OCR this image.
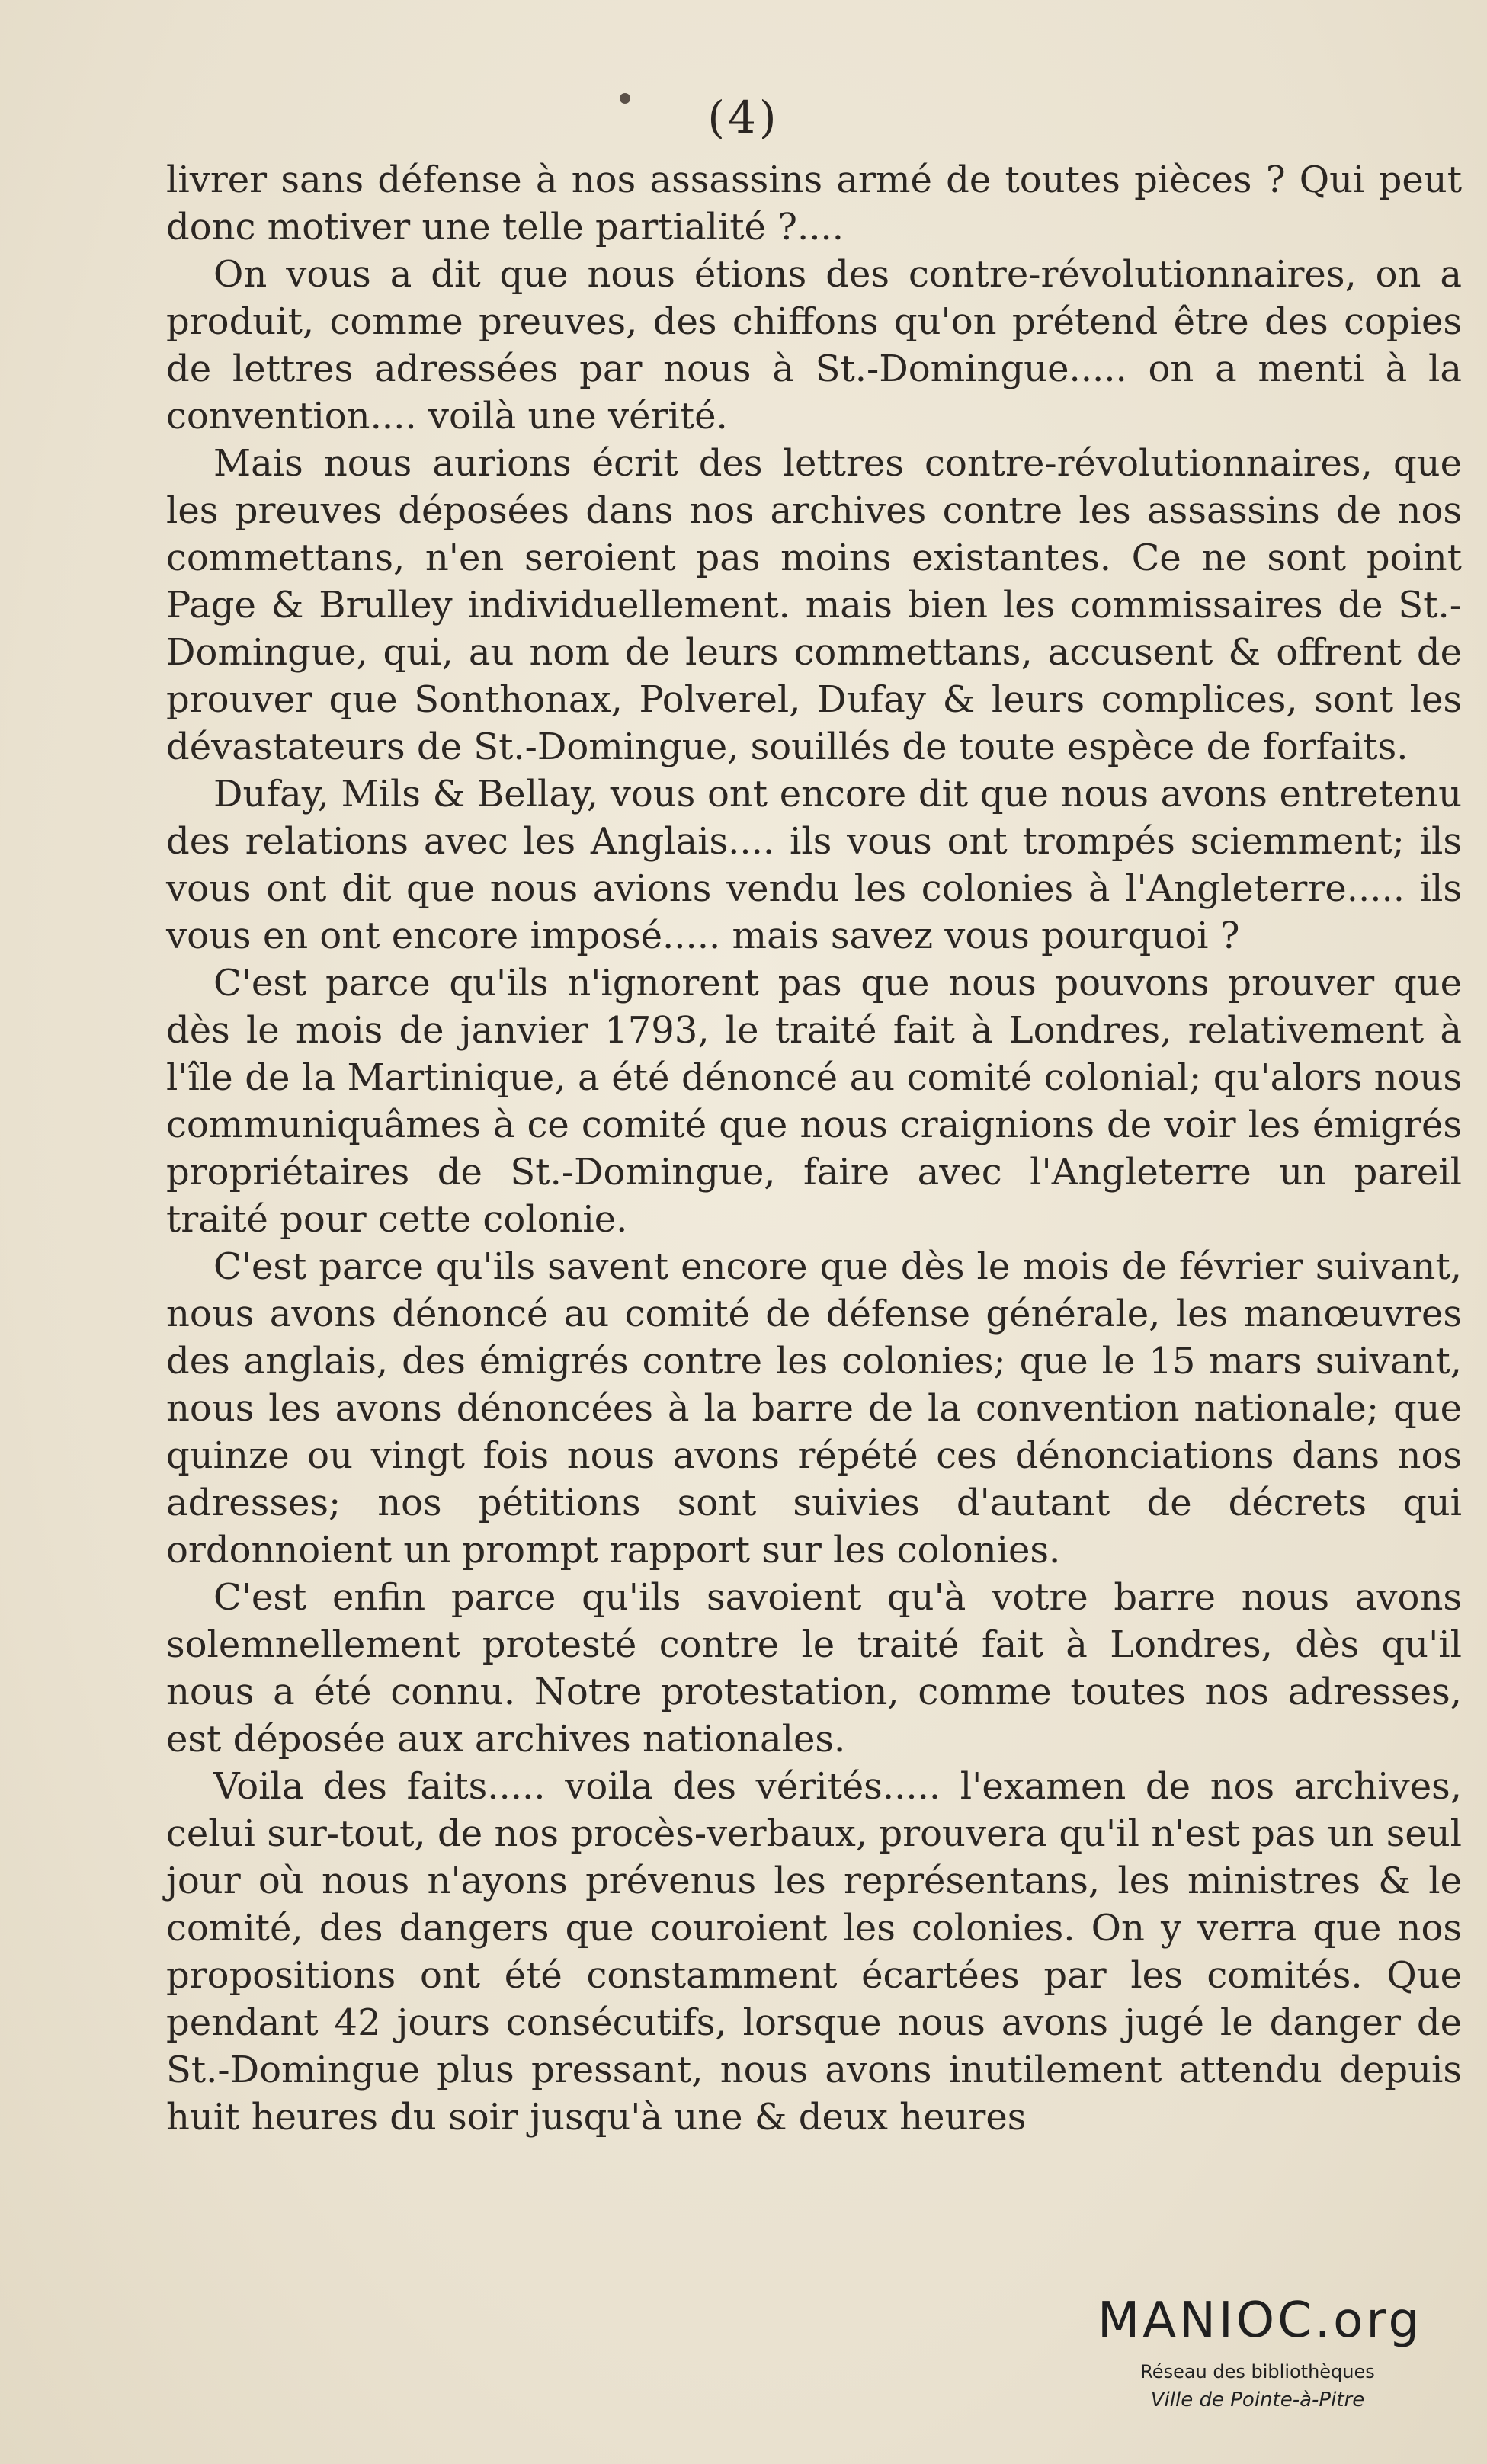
(4)

livrer sans défense à nos assassins armé de toutes pièces ? Qui peut donc motiver une telle partialité ?....

On vous a dit que nous étions des contre-révolutionnaires, on a produit, comme preuves, des chiffons qu'on prétend être des copies de lettres adressées par nous à St.-Domingue..... on a menti à la convention.... voilà une vérité.

Mais nous aurions écrit des lettres contre-révolutionnaires, que les preuves déposées dans nos archives contre les assassins de nos commettans, n'en seroient pas moins existantes. Ce ne sont point Page & Brulley individuellement. mais bien les commissaires de St.-Domingue, qui, au nom de leurs commettans, accusent & offrent de prouver que Sonthonax, Polverel, Dufay & leurs complices, sont les dévastateurs de St.-Domingue, souillés de toute espèce de forfaits.

Dufay, Mils & Bellay, vous ont encore dit que nous avons entretenu des relations avec les Anglais.... ils vous ont trompés sciemment; ils vous ont dit que nous avions vendu les colonies à l'Angleterre..... ils vous en ont encore imposé..... mais savez vous pourquoi ?

C'est parce qu'ils n'ignorent pas que nous pouvons prouver que dès le mois de janvier 1793, le traité fait à Londres, relativement à l'île de la Martinique, a été dénoncé au comité colonial; qu'alors nous communiquâmes à ce comité que nous craignions de voir les émigrés propriétaires de St.-Domingue, faire avec l'Angleterre un pareil traité pour cette colonie.

C'est parce qu'ils savent encore que dès le mois de février suivant, nous avons dénoncé au comité de défense générale, les manœuvres des anglais, des émigrés contre les colonies; que le 15 mars suivant, nous les avons dénoncées à la barre de la convention nationale; que quinze ou vingt fois nous avons répété ces dénonciations dans nos adresses; nos pétitions sont suivies d'autant de décrets qui ordonnoient un prompt rapport sur les colonies.

C'est enfin parce qu'ils savoient qu'à votre barre nous avons solemnellement protesté contre le traité fait à Londres, dès qu'il nous a été connu. Notre protestation, comme toutes nos adresses, est déposée aux archives nationales.

Voila des faits..... voila des vérités..... l'examen de nos archives, celui sur-tout, de nos procès-verbaux, prouvera qu'il n'est pas un seul jour où nous n'ayons prévenus les représentans, les ministres & le comité, des dangers que couroient les colonies. On y verra que nos propositions ont été constamment écartées par les comités. Que pendant 42 jours consécutifs, lorsque nous avons jugé le danger de St.-Domingue plus pressant, nous avons inutilement attendu depuis huit heures du soir jusqu'à une & deux heures

MANIOC.org
Réseau des bibliothèques
Ville de Pointe-à-Pitre
